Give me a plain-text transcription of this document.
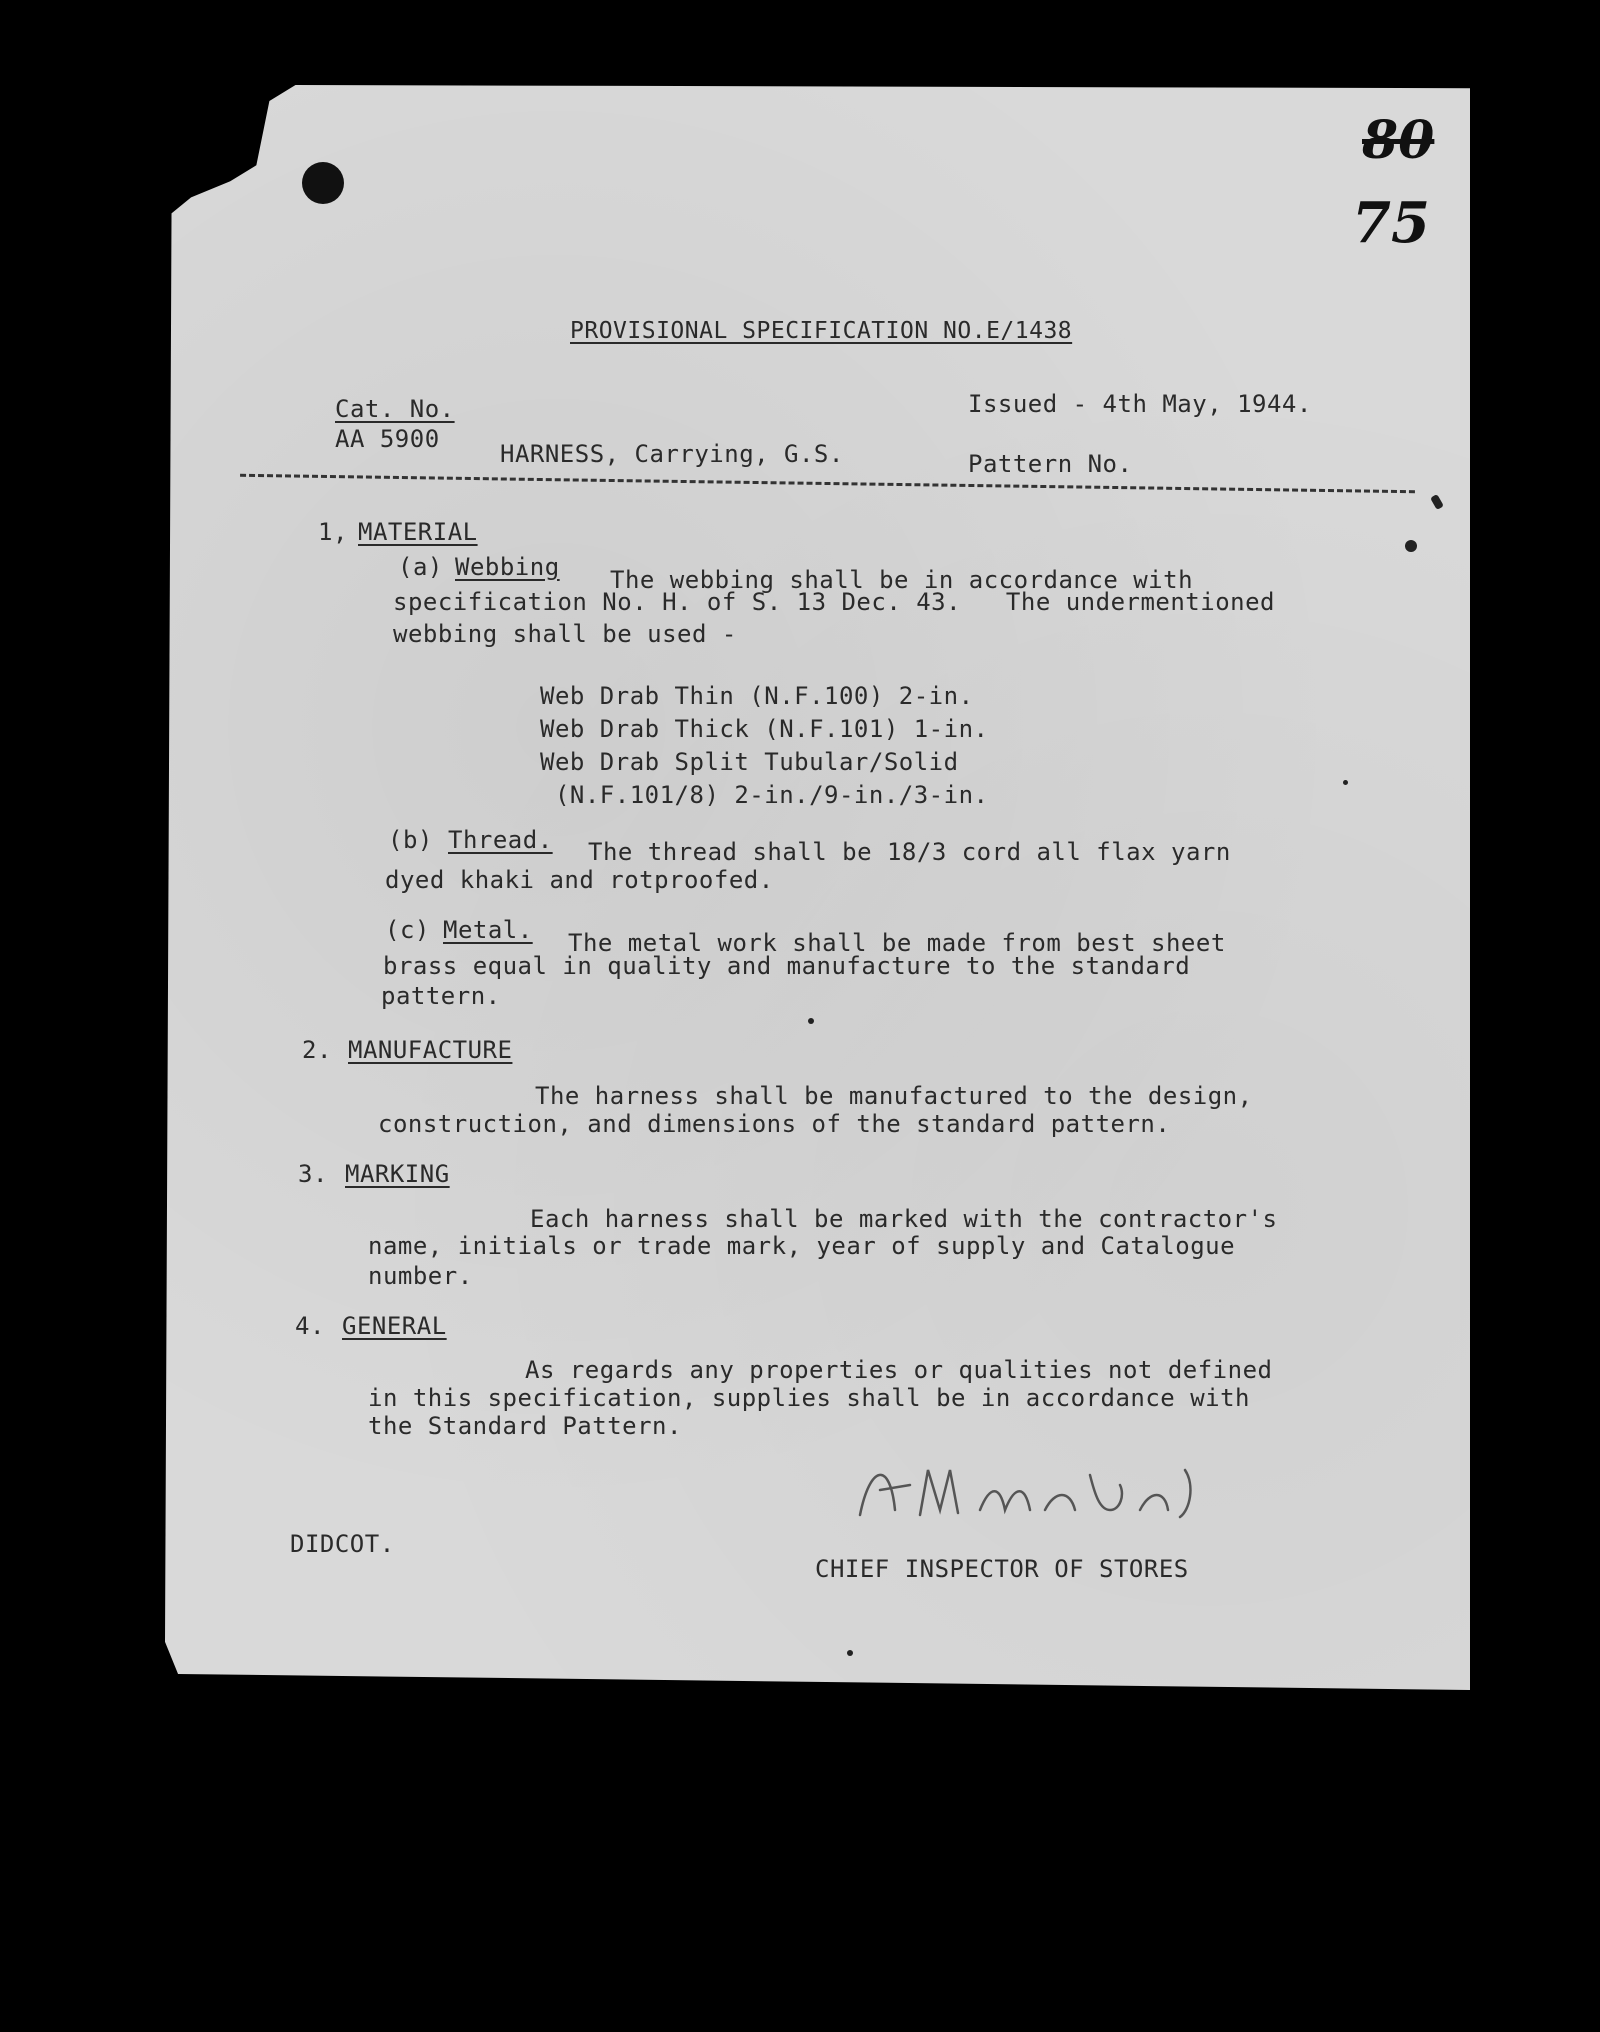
80
75
PROVISIONAL SPECIFICATION NO.E/1438
Cat. No.
AA 5900
HARNESS, Carrying, G.S.
Issued - 4th May, 1944.
Pattern No.
1, MATERIAL
(a) Webbing The webbing shall be in accordance with
specification No. H. of S. 13 Dec. 43.   The undermentioned
webbing shall be used -
Web Drab Thin (N.F.100) 2-in.
Web Drab Thick (N.F.101) 1-in.
Web Drab Split Tubular/Solid
(N.F.101/8) 2-in./9-in./3-in.
(b) Thread. The thread shall be 18/3 cord all flax yarn
dyed khaki and rotproofed.
(c) Metal. The metal work shall be made from best sheet
brass equal in quality and manufacture to the standard
pattern.
2. MANUFACTURE
The harness shall be manufactured to the design,
construction, and dimensions of the standard pattern.
3. MARKING
Each harness shall be marked with the contractor's
name, initials or trade mark, year of supply and Catalogue
number.
4. GENERAL
As regards any properties or qualities not defined
in this specification, supplies shall be in accordance with
the Standard Pattern.
DIDCOT.
CHIEF INSPECTOR OF STORES
